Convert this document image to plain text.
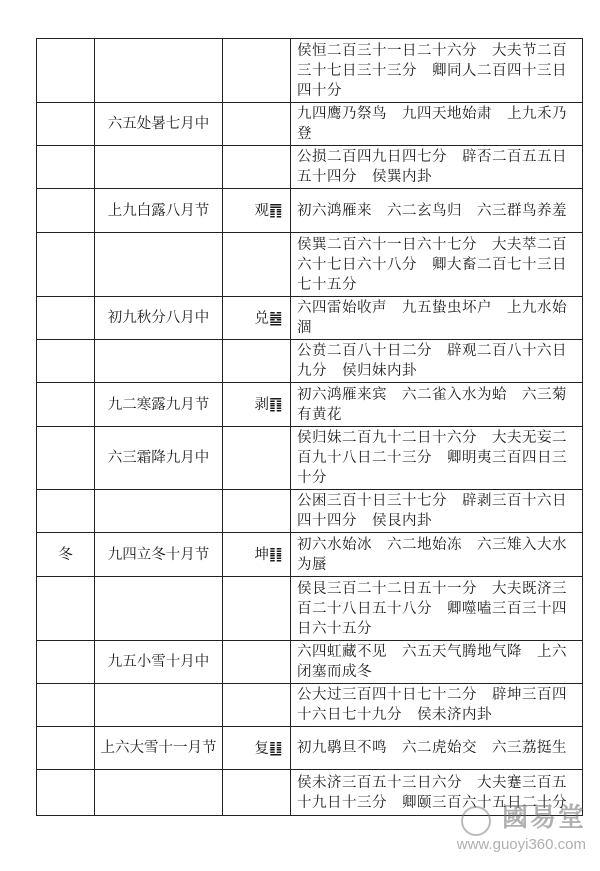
			侯恒二百三十一日二十六分　大夫节二百三十七日三十三分　卿同人二百四十三日四十分
	六五处暑七月中		九四鹰乃祭鸟　九四天地始肃　上九禾乃登
			公损二百四九日四七分　辟否二百五五日五十四分　侯巽内卦
	上九白露八月节	观䷓	初六鸿雁来　六二玄鸟归　六三群鸟养羞
			侯巽二百六十一日六十七分　大夫萃二百六十七日六十八分　卿大畜二百七十三日七十五分
	初九秋分八月中	兑䷹	六四雷始收声　九五蛰虫坏户　上九水始涸
			公贲二百八十日二分　辟观二百八十六日九分　侯归妹内卦
	九二寒露九月节	剥䷖	初六鸿雁来宾　六二雀入水为蛤　六三菊有黄花
	六三霜降九月中		侯归妹二百九十二日十六分　大夫无妄二百九十八日二十三分　卿明夷三百四日三十分
			公困三百十日三十七分　辟剥三百十六日四十四分　侯艮内卦
冬	九四立冬十月节	坤䷁	初六水始冰　六二地始冻　六三雉入大水为蜃
			侯艮三百二十二日五十一分　大夫既济三百二十八日五十八分　卿噬嗑三百三十四日六十五分
	九五小雪十月中		六四虹藏不见　六五天气腾地气降　上六闭塞而成冬
			公大过三百四十日七十二分　辟坤三百四十六日七十九分　侯未济内卦
	上六大雪十一月节	复䷗	初九鹖旦不鸣　六二虎始交　六三荔挺生
			侯未济三百五十三日六分　大夫蹇三百五十九日十三分　卿颐三百六十五日二十分
國易堂
www.guoyi360.com
